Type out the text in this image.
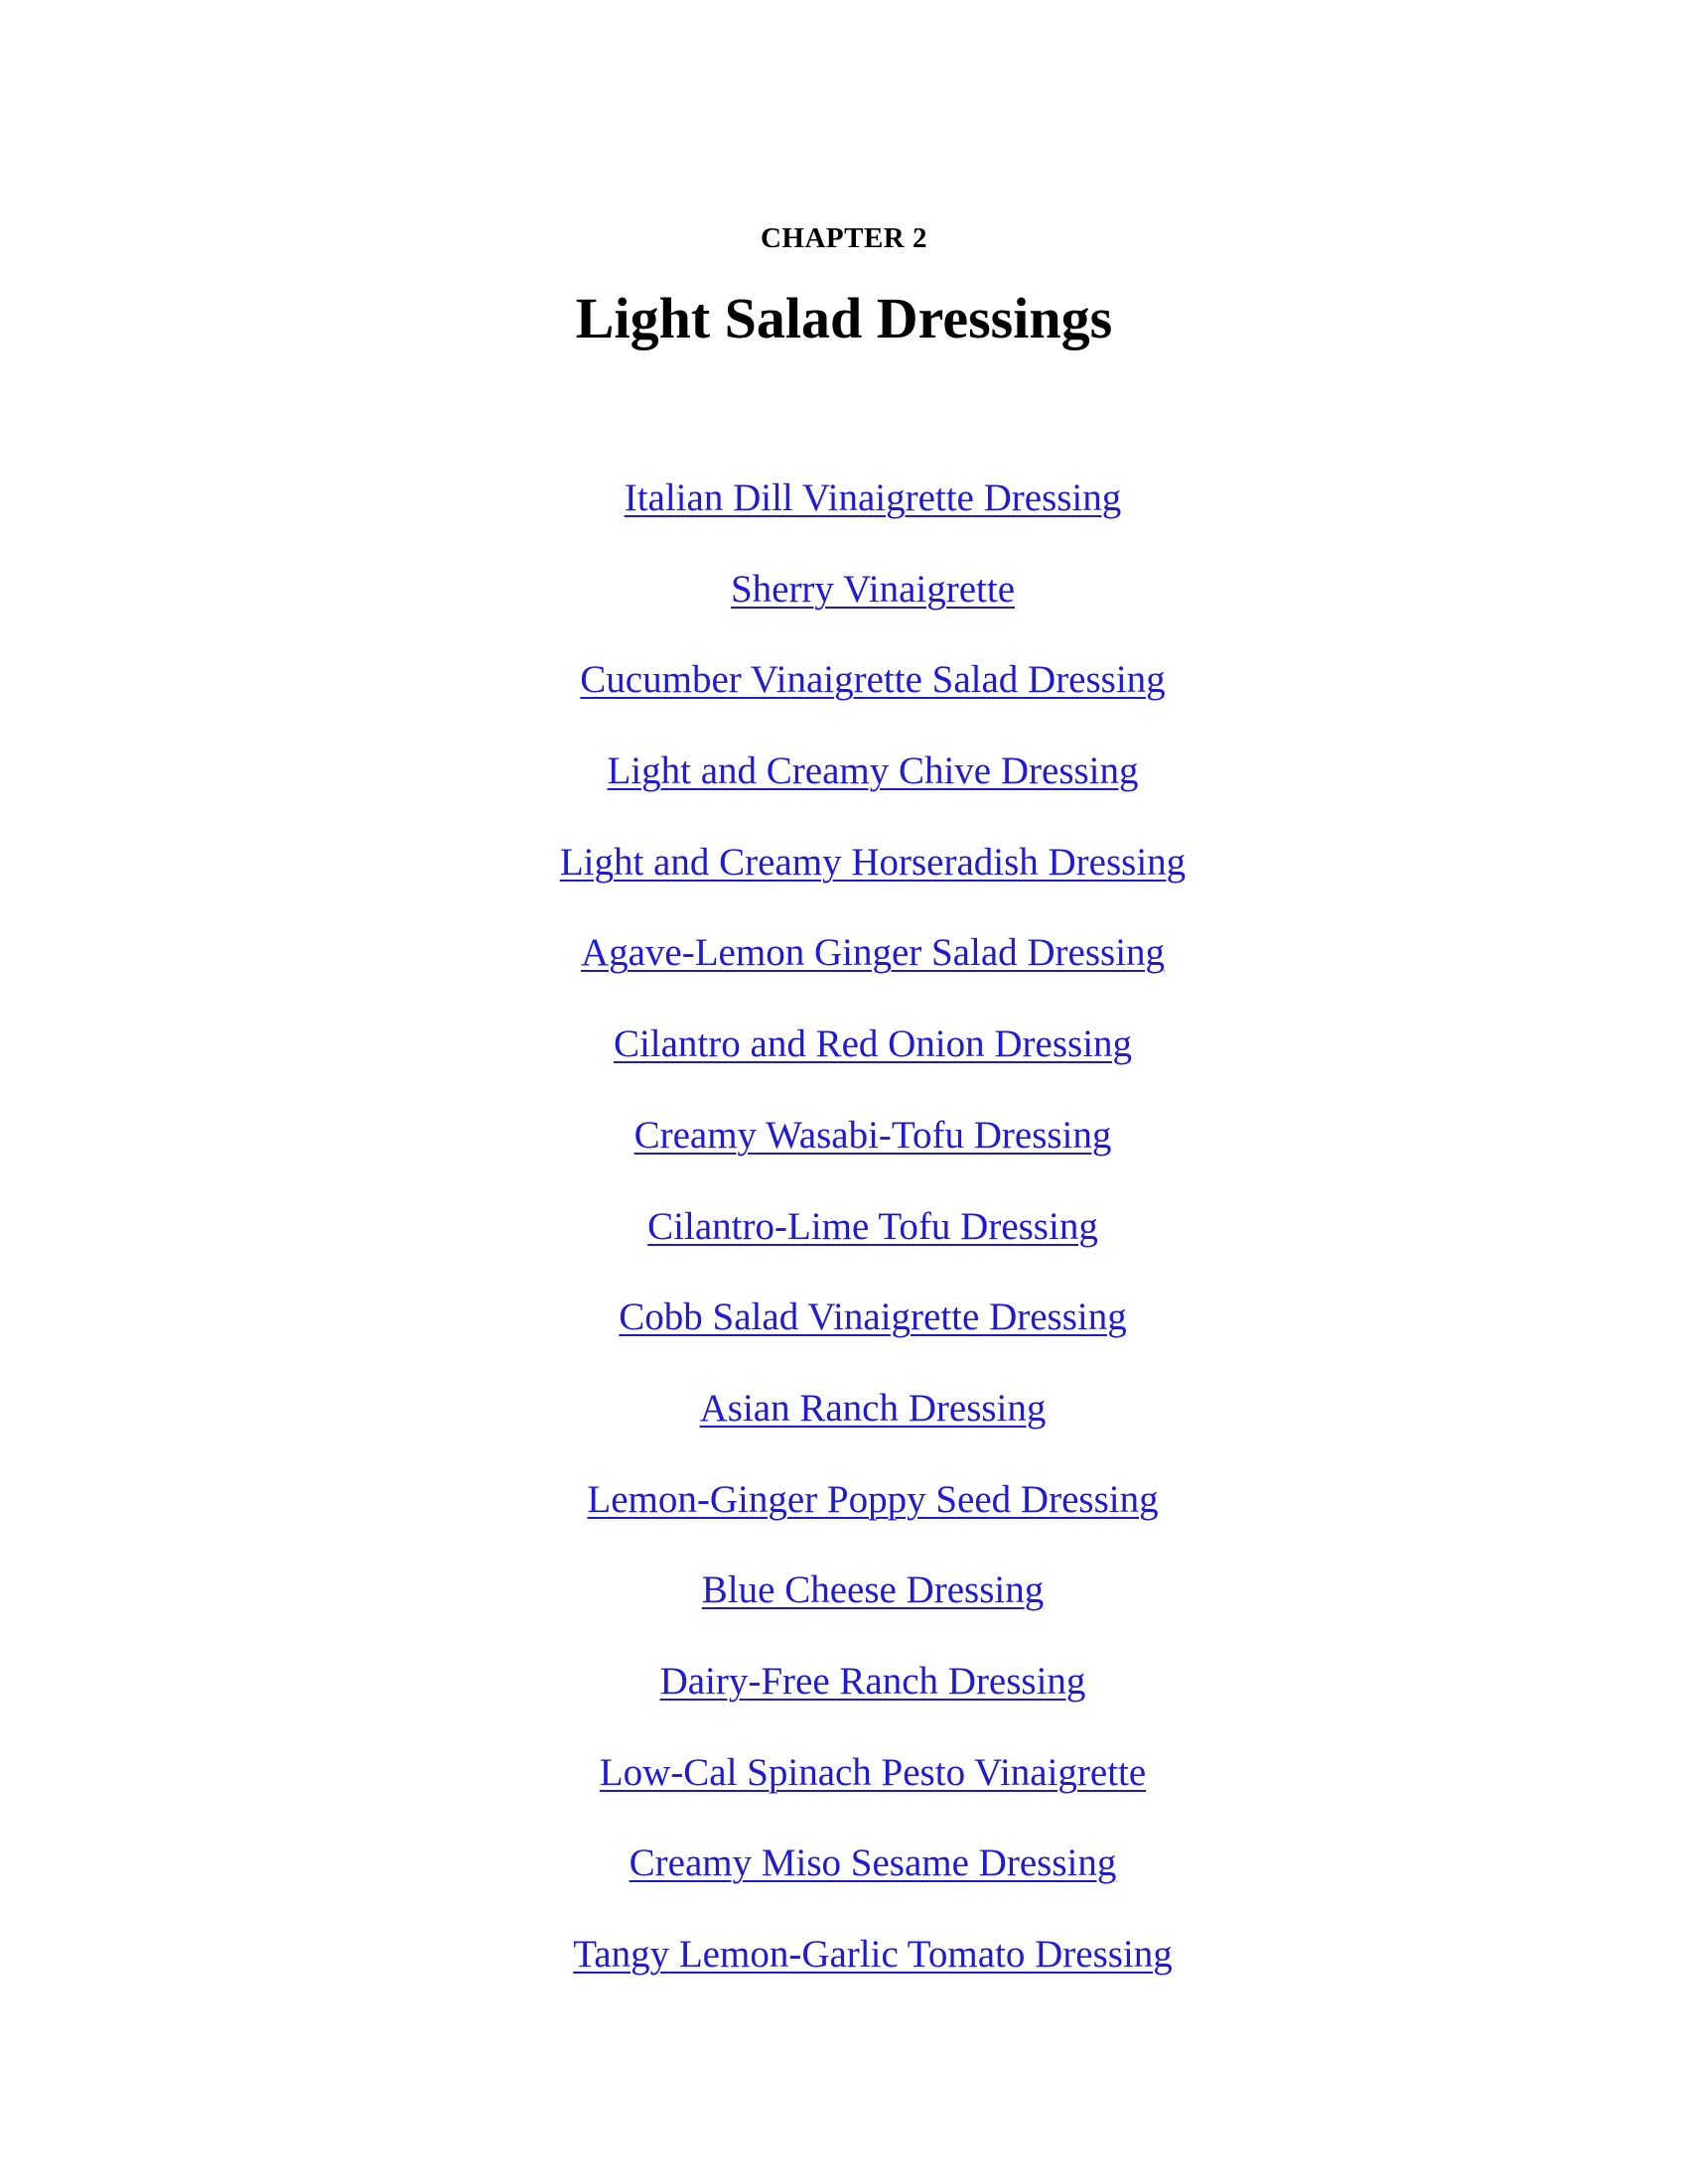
CHAPTER 2
Light Salad Dressings
Italian Dill Vinaigrette Dressing
Sherry Vinaigrette
Cucumber Vinaigrette Salad Dressing
Light and Creamy Chive Dressing
Light and Creamy Horseradish Dressing
Agave-Lemon Ginger Salad Dressing
Cilantro and Red Onion Dressing
Creamy Wasabi-Tofu Dressing
Cilantro-Lime Tofu Dressing
Cobb Salad Vinaigrette Dressing
Asian Ranch Dressing
Lemon-Ginger Poppy Seed Dressing
Blue Cheese Dressing
Dairy-Free Ranch Dressing
Low-Cal Spinach Pesto Vinaigrette
Creamy Miso Sesame Dressing
Tangy Lemon-Garlic Tomato Dressing
